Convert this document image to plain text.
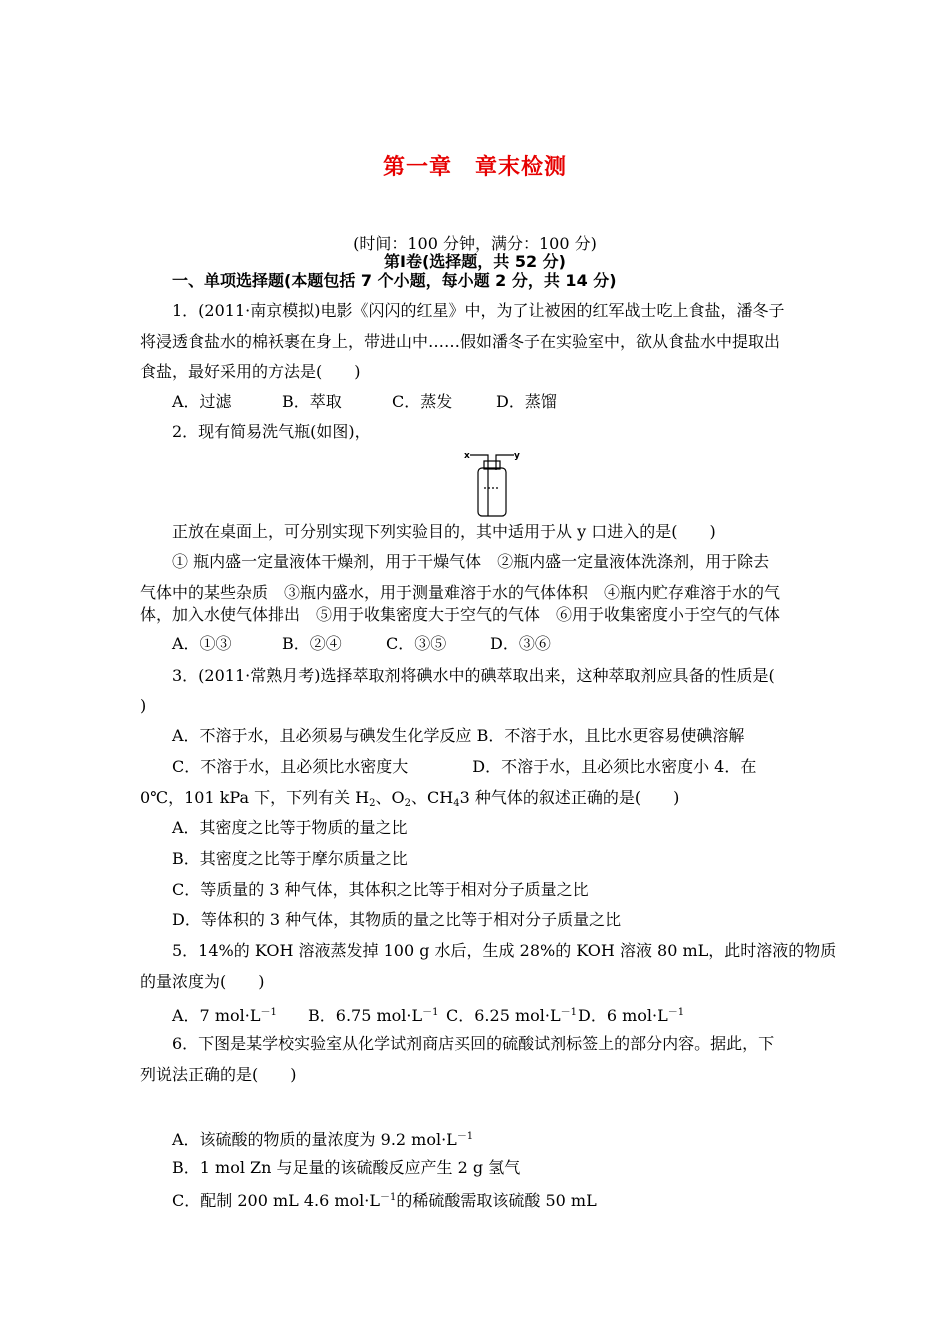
第一章　章末检测
(时间：100 分钟，满分：100 分)
第Ⅰ卷(选择题，共 52 分)
一、单项选择题(本题包括 7 个小题，每小题 2 分，共 14 分)
1．(2011·南京模拟)电影《闪闪的红星》中，为了让被困的红军战士吃上食盐，潘冬子
将浸透食盐水的棉袄裹在身上，带进山中……假如潘冬子在实验室中，欲从食盐水中提取出
食盐，最好采用的方法是(　　)
A．过滤	B．萃取	C．蒸发	D．蒸馏
2．现有简易洗气瓶(如图)，
x	y
正放在桌面上，可分别实现下列实验目的，其中适用于从 y 口进入的是(　　)
① 瓶内盛一定量液体干燥剂，用于干燥气体　②瓶内盛一定量液体洗涤剂，用于除去
气体中的某些杂质　③瓶内盛水，用于测量难溶于水的气体体积　④瓶内贮存难溶于水的气
体，加入水使气体排出　⑤用于收集密度大于空气的气体　⑥用于收集密度小于空气的气体
A．①③	B．②④	C．③⑤	D．③⑥
3．(2011·常熟月考)选择萃取剂将碘水中的碘萃取出来，这种萃取剂应具备的性质是(
)
A．不溶于水，且必须易与碘发生化学反应 B．不溶于水，且比水更容易使碘溶解
C．不溶于水，且必须比水密度大　　　　D．不溶于水，且必须比水密度小 4．在
0℃，101 kPa 下，下列有关 $H_2$、$O_2$、$CH_43$ 种气体的叙述正确的是(　　)
A．其密度之比等于物质的量之比
B．其密度之比等于摩尔质量之比
C．等质量的 3 种气体，其体积之比等于相对分子质量之比
D．等体积的 3 种气体，其物质的量之比等于相对分子质量之比
5．14%的 KOH 溶液蒸发掉 100 g 水后，生成 28%的 KOH 溶液 80 mL，此时溶液的物质
的量浓度为(　　)
A．7 $mol\cdot L^{-1}$ B．6.75 $mol\cdot L^{-1}$ C．6.25 $mol\cdot L^{-1}D$．6 $mol\cdot L^{-1}$
6．下图是某学校实验室从化学试剂商店买回的硫酸试剂标签上的部分内容。据此，下
列说法正确的是(　　)
A．该硫酸的物质的量浓度为 9.2 $mol\cdot L^{-1}$
B．1 mol Zn 与足量的该硫酸反应产生 2 g 氢气
C．配制 200 mL 4.6 $mol\cdot L^{-1}$的稀硫酸需取该硫酸 50 mL
